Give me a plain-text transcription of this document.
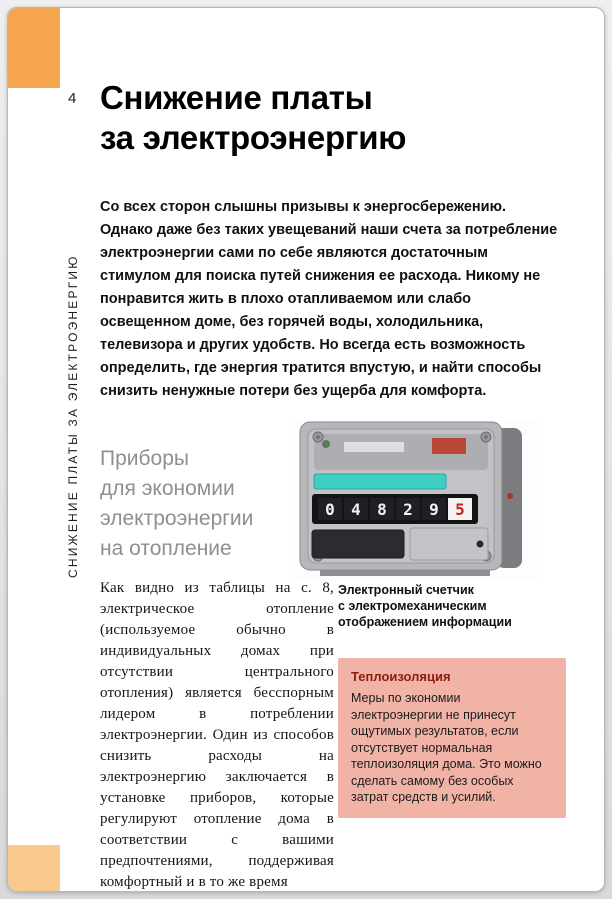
4
СНИЖЕНИЕ ПЛАТЫ ЗА ЭЛЕКТРОЭНЕРГИЮ
Снижение платы
за электроэнергию
Со всех сторон слышны призывы к энергосбережению. Однако даже без таких увещеваний наши счета за потребление электроэнергии сами по себе являются достаточным стимулом для поиска путей снижения ее расхода. Никому не понравится жить в плохо отапливаемом или слабо освещенном доме, без горячей воды, холодильника, телевизора и других удобств. Но всегда есть возможность определить, где энергия тратится впустую, и найти способы снизить ненужные потери без ущерба для комфорта.
Приборы
для экономии
электроэнергии
на отопление
0 4 8 2 9 5
Электронный счетчик
с электромеханическим
отображением информации
Как видно из таблицы на с. 8, электрическое отопление (используемое обычно в индивидуальных домах при отсутствии центрального отопления) является бесспорным лидером в потреблении электроэнергии. Один из способов снизить расходы на электроэнергию заключается в установке приборов, которые регулируют отопление дома в соответствии с вашими предпочтениями, поддерживая комфортный и в то же время
Теплоизоляция
Меры по экономии электроэнергии не принесут ощутимых результатов, если отсутствует нормальная теплоизоляция дома. Это можно сделать самому без особых затрат средств и усилий.
